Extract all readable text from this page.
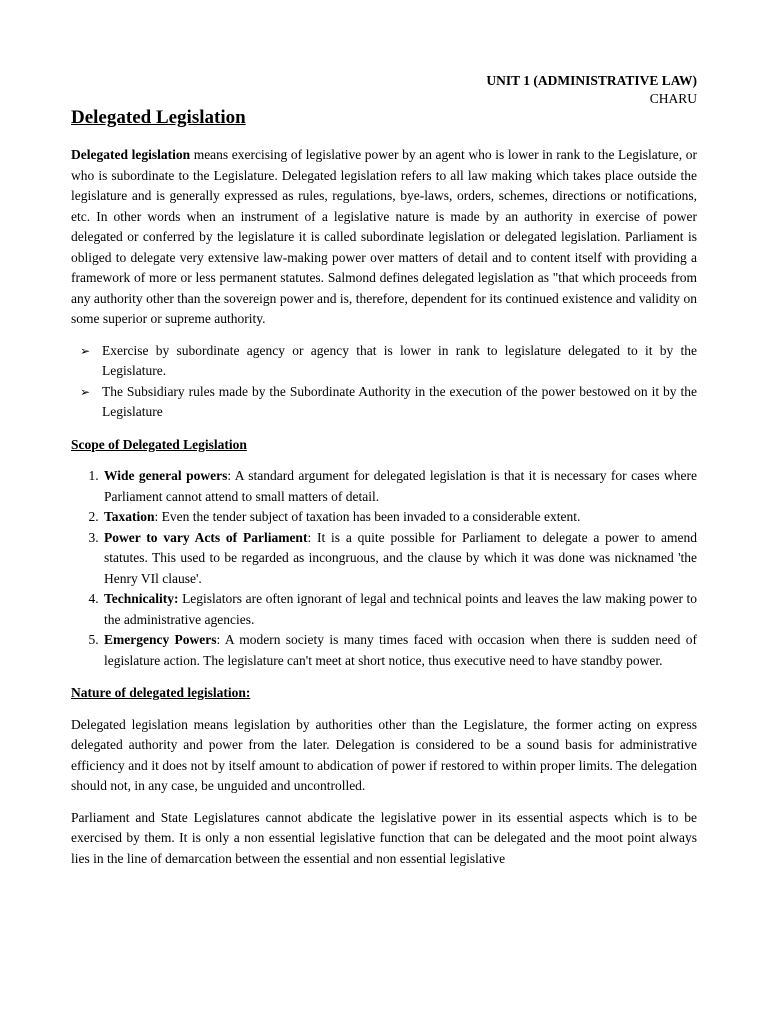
UNIT 1 (ADMINISTRATIVE LAW)
CHARU
Delegated Legislation

Delegated legislation means exercising of legislative power by an agent who is lower in rank to the Legislature, or who is subordinate to the Legislature. Delegated legislation refers to all law making which takes place outside the legislature and is generally expressed as rules, regulations, bye-laws, orders, schemes, directions or notifications, etc. In other words when an instrument of a legislative nature is made by an authority in exercise of power delegated or conferred by the legislature it is called subordinate legislation or delegated legislation. Parliament is obliged to delegate very extensive law-making power over matters of detail and to content itself with providing a framework of more or less permanent statutes. Salmond defines delegated legislation as "that which proceeds from any authority other than the sovereign power and is, therefore, dependent for its continued existence and validity on some superior or supreme authority.

➢ Exercise by subordinate agency or agency that is lower in rank to legislature delegated to it by the Legislature.
➢ The Subsidiary rules made by the Subordinate Authority in the execution of the power bestowed on it by the Legislature
Scope of Delegated Legislation
1. Wide general powers: A standard argument for delegated legislation is that it is necessary for cases where Parliament cannot attend to small matters of detail.
2. Taxation: Even the tender subject of taxation has been invaded to a considerable extent.
3. Power to vary Acts of Parliament: It is a quite possible for Parliament to delegate a power to amend statutes. This used to be regarded as incongruous, and the clause by which it was done was nicknamed 'the Henry VIl clause'.
4. Technicality: Legislators are often ignorant of legal and technical points and leaves the law making power to the administrative agencies.
5. Emergency Powers: A modern society is many times faced with occasion when there is sudden need of legislature action. The legislature can't meet at short notice, thus executive need to have standby power.
Nature of delegated legislation:

Delegated legislation means legislation by authorities other than the Legislature, the former acting on express delegated authority and power from the later. Delegation is considered to be a sound basis for administrative efficiency and it does not by itself amount to abdication of power if restored to within proper limits. The delegation should not, in any case, be unguided and uncontrolled.

Parliament and State Legislatures cannot abdicate the legislative power in its essential aspects which is to be exercised by them. It is only a non essential legislative function that can be delegated and the moot point always lies in the line of demarcation between the essential and non essential legislative
